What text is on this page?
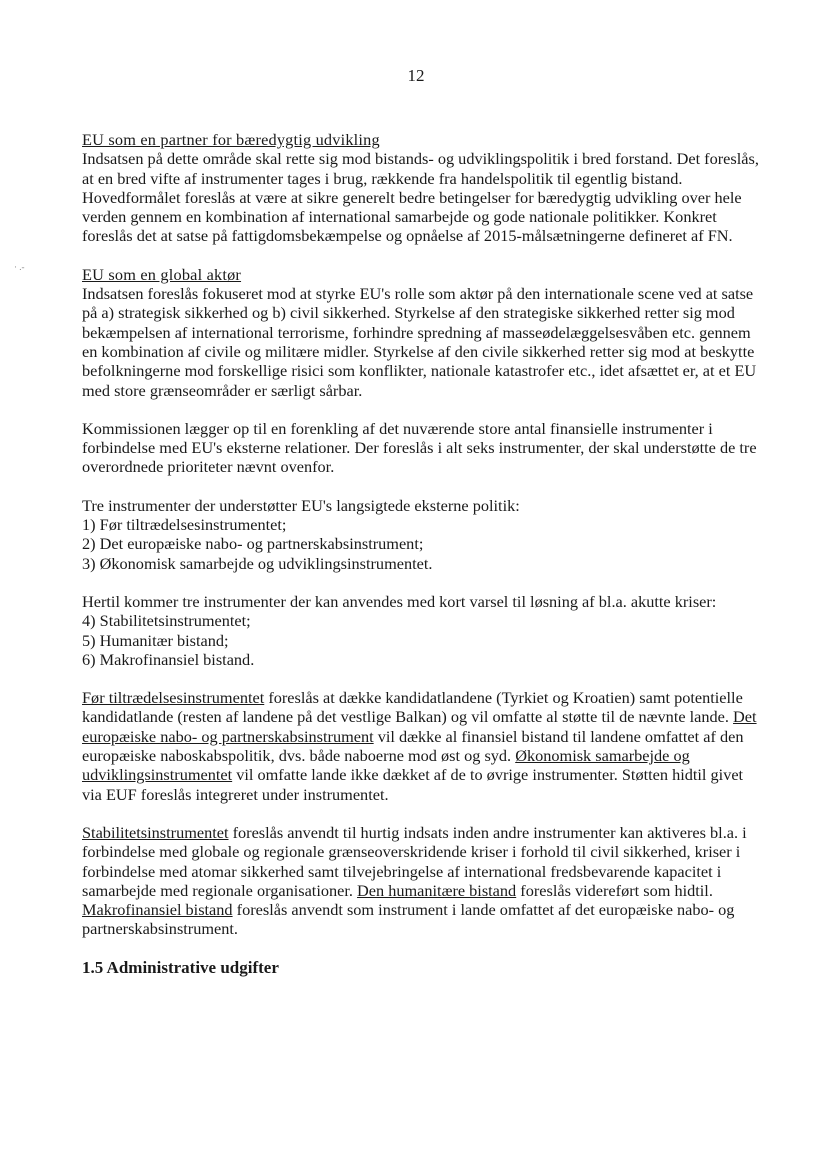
12
· .-

EU som en partner for bæredygtig udvikling

Indsatsen på dette område skal rette sig mod bistands- og udviklingspolitik i bred forstand. Det foreslås, at en bred vifte af instrumenter tages i brug, rækkende fra handelspolitik til egentlig bistand. Hovedformålet foreslås at være at sikre generelt bedre betingelser for bæredygtig udvikling over hele verden gennem en kombination af international samarbejde og gode nationale politikker. Konkret foreslås det at satse på fattigdomsbekæmpelse og opnåelse af 2015-målsætningerne defineret af FN.

EU som en global aktør

Indsatsen foreslås fokuseret mod at styrke EU's rolle som aktør på den internationale scene ved at satse på a) strategisk sikkerhed og b) civil sikkerhed. Styrkelse af den strategiske sikkerhed retter sig mod bekæmpelsen af international terrorisme, forhindre spredning af masseødelæggelsesvåben etc. gennem en kombination af civile og militære midler. Styrkelse af den civile sikkerhed retter sig mod at beskytte befolkningerne mod forskellige risici som konflikter, nationale katastrofer etc., idet afsættet er, at et EU med store grænseområder er særligt sårbar.

Kommissionen lægger op til en forenkling af det nuværende store antal finansielle instrumenter i forbindelse med EU's eksterne relationer. Der foreslås i alt seks instrumenter, der skal understøtte de tre overordnede prioriteter nævnt ovenfor.

Tre instrumenter der understøtter EU's langsigtede eksterne politik:

1) Før tiltrædelsesinstrumentet;

2) Det europæiske nabo- og partnerskabsinstrument;

3) Økonomisk samarbejde og udviklingsinstrumentet.

Hertil kommer tre instrumenter der kan anvendes med kort varsel til løsning af bl.a. akutte kriser:

4) Stabilitetsinstrumentet;

5) Humanitær bistand;

6) Makrofinansiel bistand.

Før tiltrædelsesinstrumentet foreslås at dække kandidatlandene (Tyrkiet og Kroatien) samt potentielle kandidatlande (resten af landene på det vestlige Balkan) og vil omfatte al støtte til de nævnte lande. Det europæiske nabo- og partnerskabsinstrument vil dække al finansiel bistand til landene omfattet af den europæiske naboskabspolitik, dvs. både naboerne mod øst og syd. Økonomisk samarbejde og udviklingsinstrumentet vil omfatte lande ikke dækket af de to øvrige instrumenter. Støtten hidtil givet via EUF foreslås integreret under instrumentet.

Stabilitetsinstrumentet foreslås anvendt til hurtig indsats inden andre instrumenter kan aktiveres bl.a. i forbindelse med globale og regionale grænseoverskridende kriser i forhold til civil sikkerhed, kriser i forbindelse med atomar sikkerhed samt tilvejebringelse af international fredsbevarende kapacitet i samarbejde med regionale organisationer. Den humanitære bistand foreslås videreført som hidtil. Makrofinansiel bistand foreslås anvendt som instrument i lande omfattet af det europæiske nabo- og partnerskabsinstrument.

1.5 Administrative udgifter
